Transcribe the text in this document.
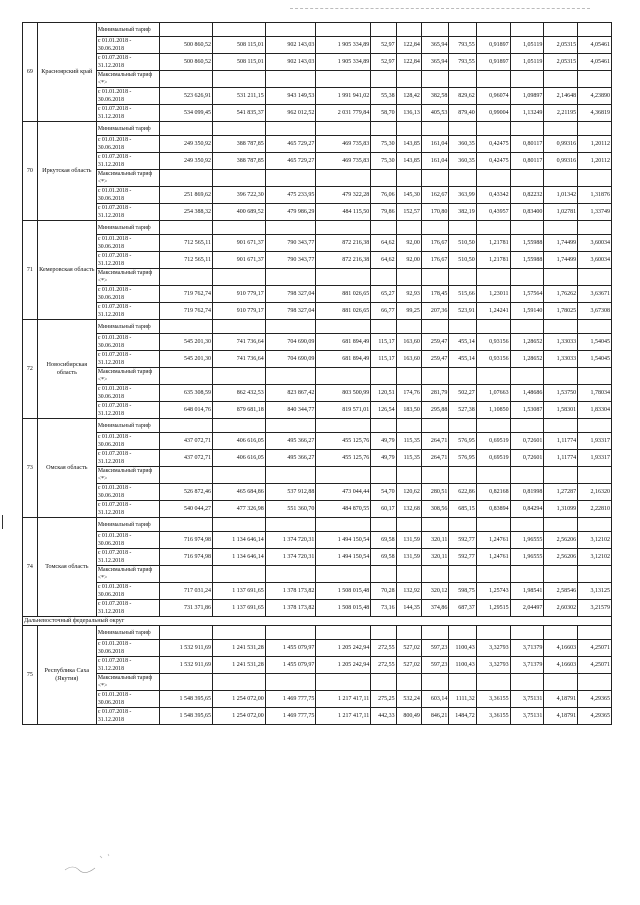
69	Красноярский край	Минимальный тариф												
		с 01.01.2018 - 30.06.2018	500 860,52	508 115,01	902 143,03	1 905 334,89	52,97	122,84	365,94	793,55	0,91897	1,05119	2,05315	4,05461
		с 01.07.2018 - 31.12.2018	500 860,52	508 115,01	902 143,03	1 905 334,89	52,97	122,84	365,94	793,55	0,91897	1,05119	2,05315	4,05461
		Максимальный тариф <*>												
		с 01.01.2018 - 30.06.2018	523 626,91	531 211,15	943 149,53	1 991 941,02	55,38	128,42	382,58	829,62	0,96074	1,09897	2,14648	4,23890
		с 01.07.2018 - 31.12.2018	534 099,45	541 835,37	962 012,52	2 031 779,84	58,70	136,13	405,53	879,40	0,99004	1,13249	2,21195	4,36819
70	Иркутская область	Минимальный тариф												
		с 01.01.2018 - 30.06.2018	249 350,92	388 787,85	465 729,27	469 735,83	75,30	143,85	161,04	360,35	0,42475	0,80117	0,99316	1,20112
		с 01.07.2018 - 31.12.2018	249 350,92	388 787,85	465 729,27	469 735,83	75,30	143,85	161,04	360,35	0,42475	0,80117	0,99316	1,20112
		Максимальный тариф <*>												
		с 01.01.2018 - 30.06.2018	251 869,62	396 722,30	475 233,95	479 322,28	76,06	145,30	162,67	363,99	0,43342	0,82232	1,01342	1,31876
		с 01.07.2018 - 31.12.2018	254 388,32	400 689,52	479 986,29	484 115,50	79,86	152,57	170,80	382,19	0,43957	0,83400	1,02781	1,33749
71	Кемеровская область	Минимальный тариф												
		с 01.01.2018 - 30.06.2018	712 565,11	901 671,37	790 343,77	872 216,38	64,62	92,00	176,67	510,50	1,21781	1,55988	1,74499	3,60034
		с 01.07.2018 - 31.12.2018	712 565,11	901 671,37	790 343,77	872 216,38	64,62	92,00	176,67	510,50	1,21781	1,55988	1,74499	3,60034
		Максимальный тариф <*>												
		с 01.01.2018 - 30.06.2018	719 762,74	910 779,17	798 327,04	881 026,65	65,27	92,93	178,45	515,66	1,23011	1,57564	1,76262	3,63671
		с 01.07.2018 - 31.12.2018	719 762,74	910 779,17	798 327,04	881 026,65	66,77	99,25	207,36	523,91	1,24241	1,59140	1,78025	3,67308
72	Новосибирская область	Минимальный тариф												
		с 01.01.2018 - 30.06.2018	545 201,30	741 736,64	704 690,09	681 894,49	115,17	163,60	259,47	455,14	0,93156	1,28652	1,33033	1,54045
		с 01.07.2018 - 31.12.2018	545 201,30	741 736,64	704 690,09	681 894,49	115,17	163,60	259,47	455,14	0,93156	1,28652	1,33033	1,54045
		Максимальный тариф <*>												
		с 01.01.2018 - 30.06.2018	635 308,59	862 432,53	823 867,42	803 500,99	120,51	174,76	281,79	502,27	1,07663	1,48686	1,53750	1,78034
		с 01.07.2018 - 31.12.2018	648 014,76	879 681,18	840 344,77	819 571,01	126,54	183,50	295,88	527,38	1,10850	1,53087	1,58301	1,83304
73	Омская область	Минимальный тариф												
		с 01.01.2018 - 30.06.2018	437 072,71	406 616,05	495 366,27	455 125,76	49,79	115,35	264,71	576,95	0,69519	0,72601	1,11774	1,93317
		с 01.07.2018 - 31.12.2018	437 072,71	406 616,05	495 366,27	455 125,76	49,79	115,35	264,71	576,95	0,69519	0,72601	1,11774	1,93317
		Максимальный тариф <*>												
		с 01.01.2018 - 30.06.2018	526 872,46	465 684,86	537 912,88	473 044,44	54,70	120,62	280,51	622,86	0,82168	0,81998	1,27287	2,16320
		с 01.07.2018 - 31.12.2018	540 044,27	477 326,98	551 360,70	484 870,55	60,17	132,68	308,56	685,15	0,83894	0,84294	1,31099	2,22810
74	Томская область	Минимальный тариф												
		с 01.01.2018 - 30.06.2018	716 974,98	1 134 646,14	1 374 720,31	1 494 150,54	69,58	131,59	320,11	592,77	1,24761	1,96555	2,56206	3,12102
		с 01.07.2018 - 31.12.2018	716 974,98	1 134 646,14	1 374 720,31	1 494 150,54	69,58	131,59	320,11	592,77	1,24761	1,96555	2,56206	3,12102
		Максимальный тариф <*>												
		с 01.01.2018 - 30.06.2018	717 031,24	1 137 691,65	1 378 173,82	1 508 015,48	70,28	132,92	320,12	598,75	1,25743	1,98541	2,58546	3,13125
		с 01.07.2018 - 31.12.2018	731 371,86	1 137 691,65	1 378 173,82	1 508 015,48	73,16	144,35	374,86	687,37	1,29515	2,04497	2,60302	3,21579
Дальневосточный федеральный округ														
75	Республика Саха (Якутия)	Минимальный тариф												
		с 01.01.2018 - 30.06.2018	1 532 911,69	1 241 531,28	1 455 079,97	1 205 242,94	272,55	527,02	597,23	1100,43	3,32793	3,71379	4,16603	4,25071
		с 01.07.2018 - 31.12.2018	1 532 911,69	1 241 531,28	1 455 079,97	1 205 242,94	272,55	527,02	597,23	1100,43	3,32793	3,71379	4,16603	4,25071
		Максимальный тариф <*>												
		с 01.01.2018 - 30.06.2018	1 548 395,65	1 254 072,00	1 469 777,75	1 217 417,11	275,25	532,24	603,14	1111,32	3,36155	3,75131	4,18791	4,29365
		с 01.07.2018 - 31.12.2018	1 548 395,65	1 254 072,00	1 469 777,75	1 217 417,11	442,33	800,49	846,21	1484,72	3,36155	3,75131	4,18791	4,29365
